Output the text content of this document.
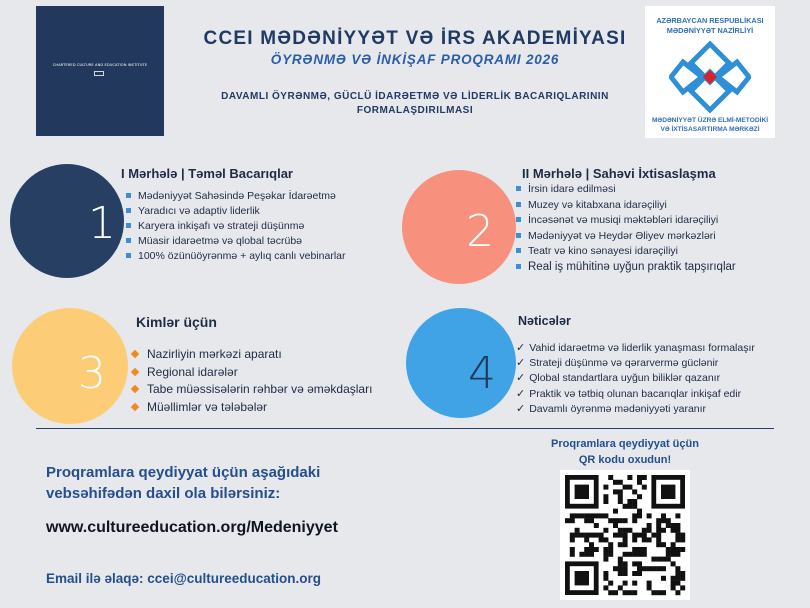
CHARTERED CULTURE AND EDUCATION INSTITUTE
CCEI MƏDƏNİYYƏT VƏ İRS AKADEMİYASI
ÖYRƏNMƏ VƏ İNKİŞAF PROQRAMI 2026
DAVAMLI ÖYRƏNMƏ, GÜCLÜ İDARƏETMƏ VƏ LİDERLİK BACARIQLARININ
FORMALAŞDIRILMASI
AZƏRBAYCAN RESPUBLİKASI
MƏDƏNİYYƏT NAZİRLİYİ
MƏDƏNİYYƏT ÜZRƏ ELMİ-METODİKİ
VƏ İXTİSASARTIRMA MƏRKƏZİ
1
I Mərhələ | Təməl Bacarıqlar
Mədəniyyət Sahəsində Peşəkar İdarəetmə
Yaradıcı və adaptiv liderlik
Karyera inkişafı və strateji düşünmə
Müasir idarəetmə və qlobal təcrübə
100% özünüöyrənmə + aylıq canlı vebinarlar	2
II Mərhələ | Sahəvi İxtisaslaşma
İrsin idarə edilməsi
Muzey və kitabxana idarəçiliyi
İncəsənət və musiqi məktəbləri idarəçiliyi
Mədəniyyət və Heydər Əliyev mərkəzləri
Teatr və kino sənayesi idarəçiliyi
Real iş mühitinə uyğun praktik tapşırıqlar
3
Kimlər üçün
Nazirliyin mərkəzi aparatı
Regional idarələr
Tabe müəssisələrin rəhbər və əməkdaşları
Müəllimlər və tələbələr
4
Nəticələr
✓ Vahid idarəetmə və liderlik yanaşması formalaşır
✓ Strateji düşünmə və qərarvermə güclənir
✓ Qlobal standartlara uyğun biliklər qazanır
✓ Praktik və tətbiq olunan bacarıqlar inkişaf edir
✓ Davamlı öyrənmə mədəniyyəti yaranır
Proqramlara qeydiyyat üçün aşağıdaki
vebsəhifədən daxil ola bilərsiniz:
www.cultureeducation.org/Medeniyyet
Email ilə əlaqə: ccei@cultureeducation.org
Proqramlara qeydiyyat üçün
QR kodu oxudun!
